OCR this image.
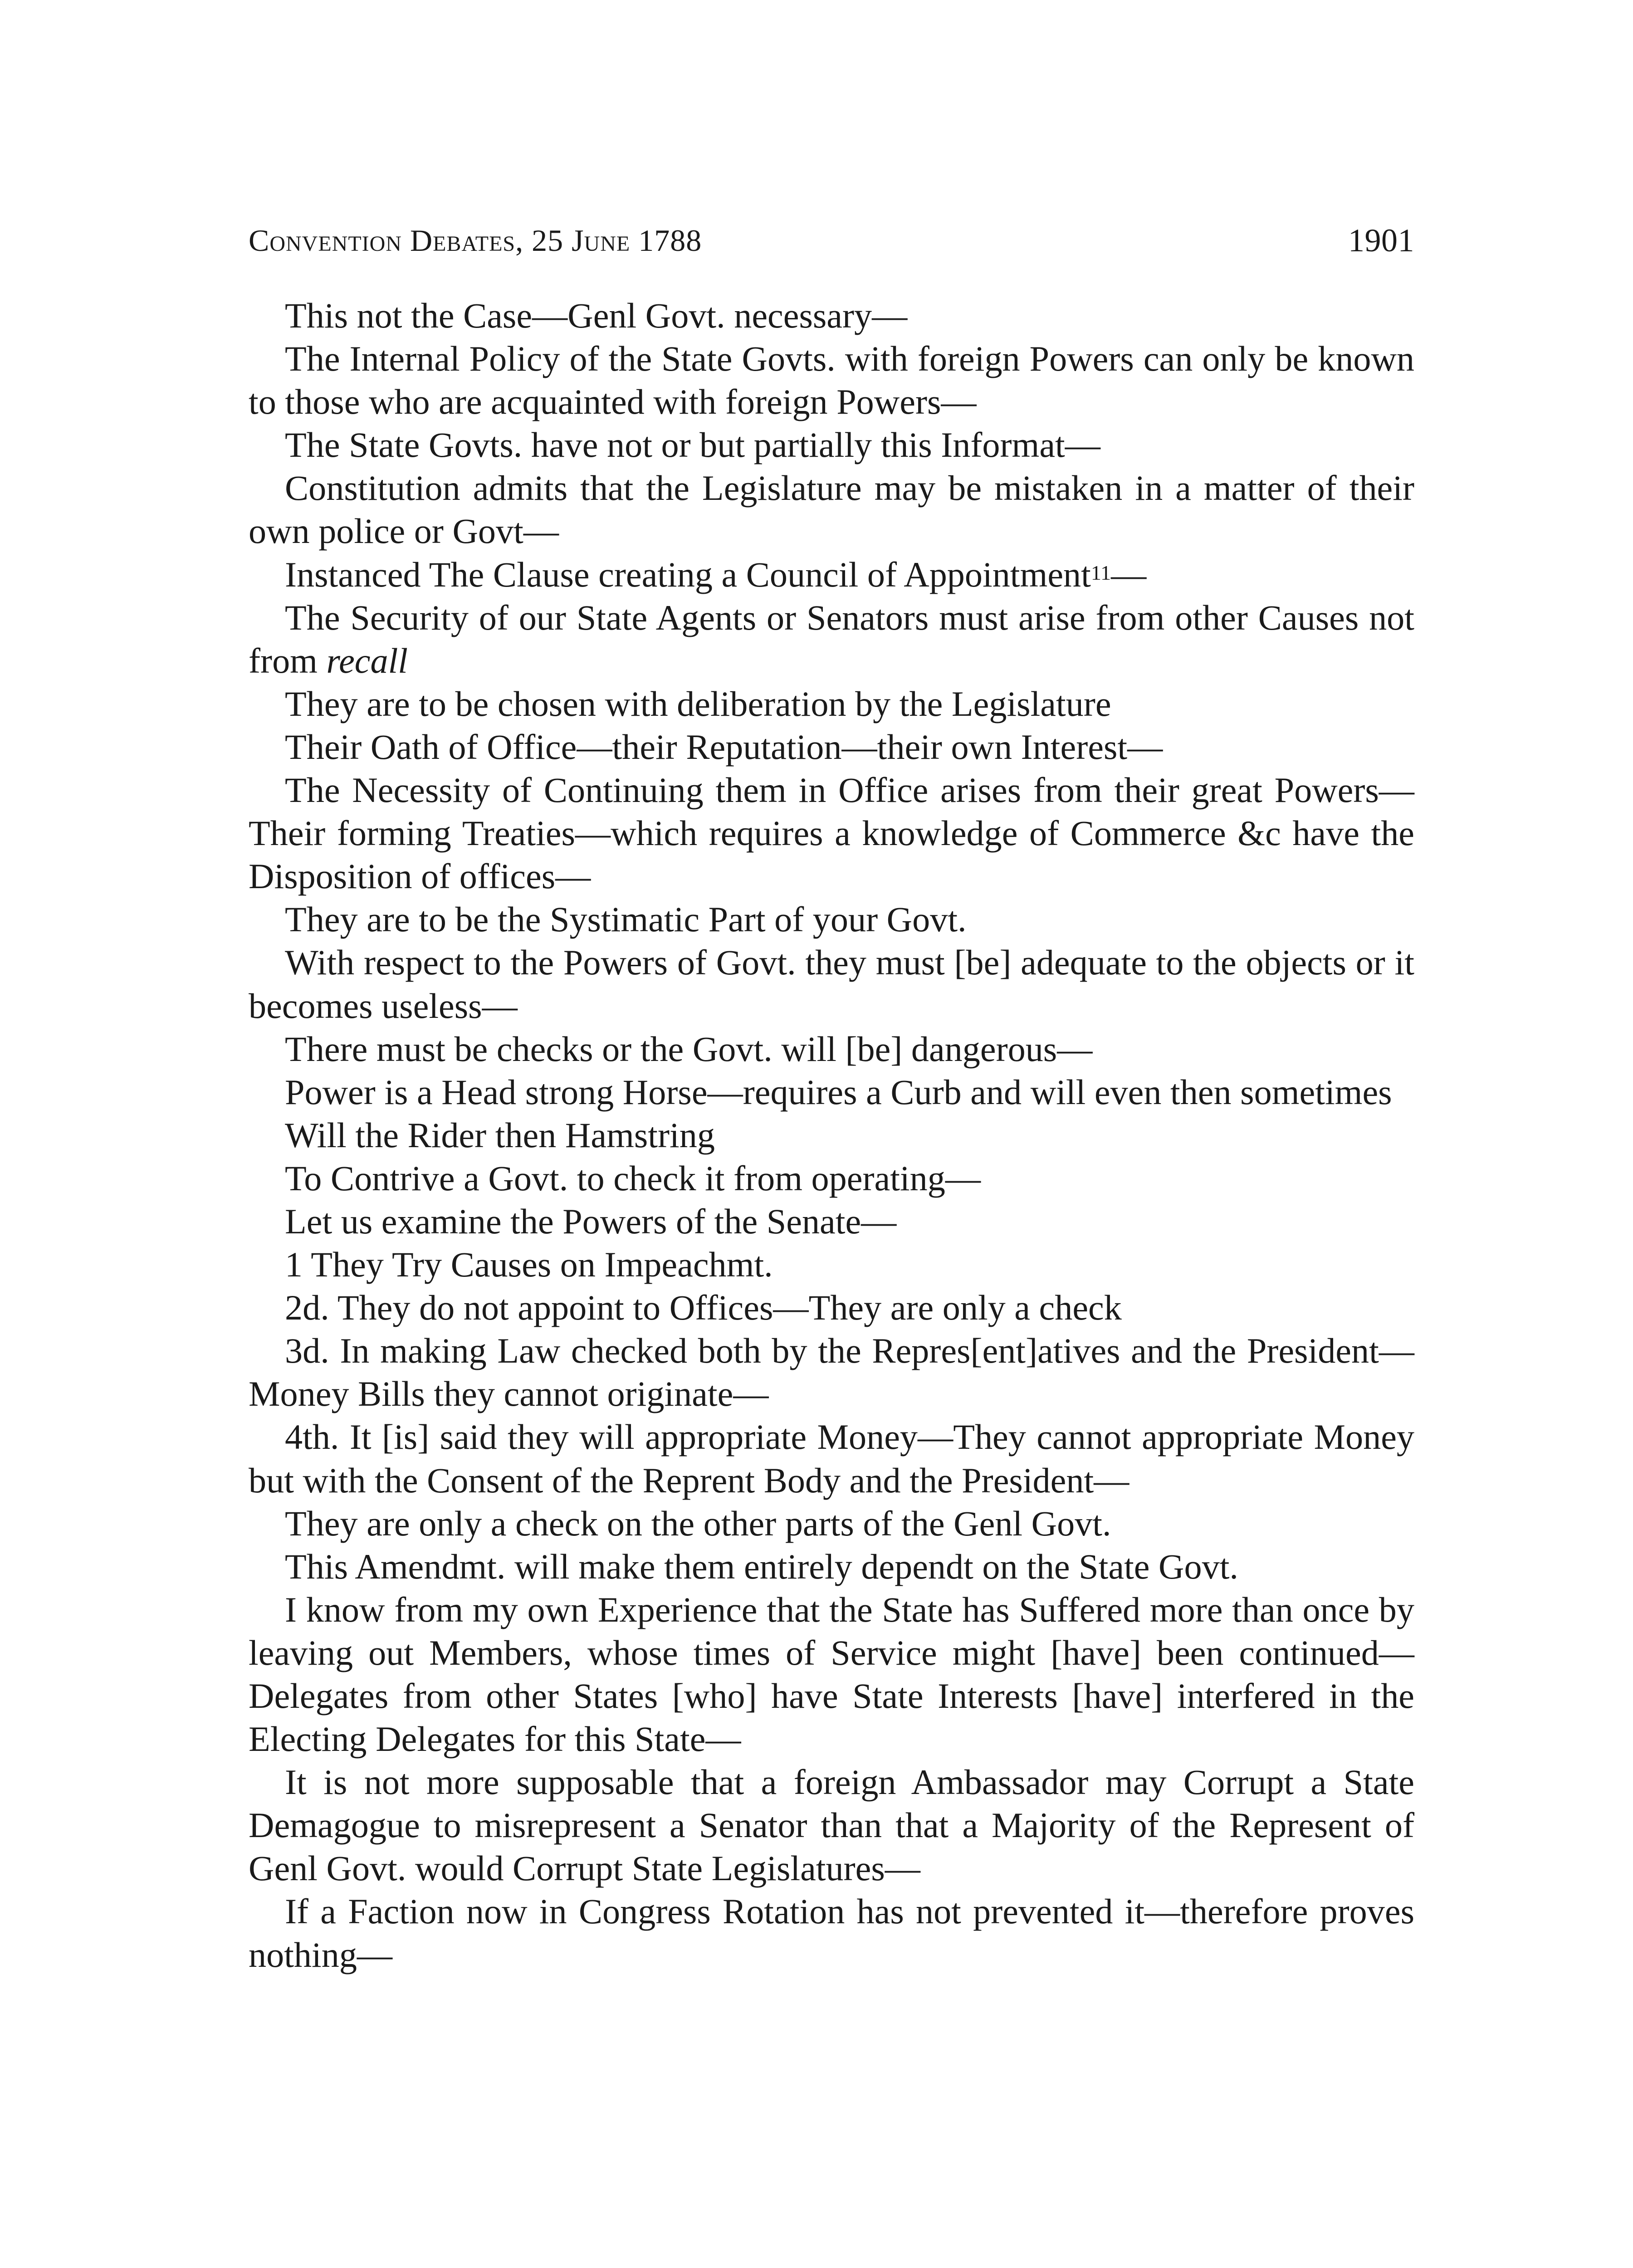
Convention Debates, 25 June 1788	1901

This not the Case—Genl Govt. necessary—

The Internal Policy of the State Govts. with foreign Powers can only be known to those who are acquainted with foreign Powers—

The State Govts. have not or but partially this Informat—

Constitution admits that the Legislature may be mistaken in a matter of their own police or Govt—

Instanced The Clause creating a Council of Appointment$^{11}$—

The Security of our State Agents or Senators must arise from other Causes not from recall

They are to be chosen with deliberation by the Legislature

Their Oath of Office—their Reputation—their own Interest—

The Necessity of Continuing them in Office arises from their great Powers—Their forming Treaties—which requires a knowledge of Commerce &c have the Disposition of offices—

They are to be the Systimatic Part of your Govt.

With respect to the Powers of Govt. they must [be] adequate to the objects or it becomes useless—

There must be checks or the Govt. will [be] dangerous—

Power is a Head strong Horse—requires a Curb and will even then sometimes

Will the Rider then Hamstring

To Contrive a Govt. to check it from operating—

Let us examine the Powers of the Senate—

1 They Try Causes on Impeachmt.

2d. They do not appoint to Offices—They are only a check

3d. In making Law checked both by the Repres[ent]atives and the President—Money Bills they cannot originate—

4th. It [is] said they will appropriate Money—They cannot appropriate Money but with the Consent of the Reprent Body and the President—

They are only a check on the other parts of the Genl Govt.

This Amendmt. will make them entirely dependt on the State Govt.

I know from my own Experience that the State has Suffered more than once by leaving out Members, whose times of Service might [have] been continued—Delegates from other States [who] have State Interests [have] interfered in the Electing Delegates for this State—

It is not more supposable that a foreign Ambassador may Corrupt a State Demagogue to misrepresent a Senator than that a Majority of the Represent of Genl Govt. would Corrupt State Legislatures—

If a Faction now in Congress Rotation has not prevented it—therefore proves nothing—
